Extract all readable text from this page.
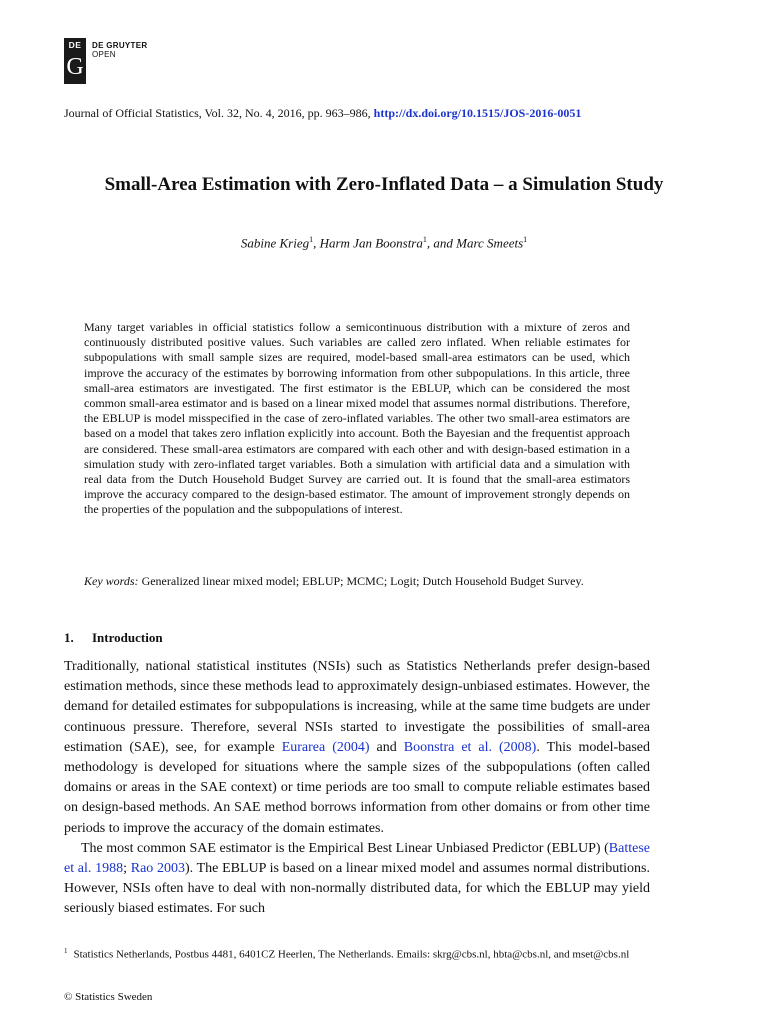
DE
G
DE GRUYTER
OPEN
Journal of Official Statistics, Vol. 32, No. 4, 2016, pp. 963–986, http://dx.doi.org/10.1515/JOS-2016-0051
Small-Area Estimation with Zero-Inflated Data – a Simulation Study
Sabine Krieg$^1$, Harm Jan Boonstra$^1$, and Marc Smeets$^1$
Many target variables in official statistics follow a semicontinuous distribution with a mixture of zeros and continuously distributed positive values. Such variables are called zero inflated. When reliable estimates for subpopulations with small sample sizes are required, model-based small-area estimators can be used, which improve the accuracy of the estimates by borrowing information from other subpopulations. In this article, three small-area estimators are investigated. The first estimator is the EBLUP, which can be considered the most common small-area estimator and is based on a linear mixed model that assumes normal distributions. Therefore, the EBLUP is model misspecified in the case of zero-inflated variables. The other two small-area estimators are based on a model that takes zero inflation explicitly into account. Both the Bayesian and the frequentist approach are considered. These small-area estimators are compared with each other and with design-based estimation in a simulation study with zero-inflated target variables. Both a simulation with artificial data and a simulation with real data from the Dutch Household Budget Survey are carried out. It is found that the small-area estimators improve the accuracy compared to the design-based estimator. The amount of improvement strongly depends on the properties of the population and the subpopulations of interest.
Key words: Generalized linear mixed model; EBLUP; MCMC; Logit; Dutch Household Budget Survey.
1. Introduction

Traditionally, national statistical institutes (NSIs) such as Statistics Netherlands prefer design-based estimation methods, since these methods lead to approximately design-unbiased estimates. However, the demand for detailed estimates for subpopulations is increasing, while at the same time budgets are under continuous pressure. Therefore, several NSIs started to investigate the possibilities of small-area estimation (SAE), see, for example Eurarea (2004) and Boonstra et al. (2008). This model-based methodology is developed for situations where the sample sizes of the subpopulations (often called domains or areas in the SAE context) or time periods are too small to compute reliable estimates based on design-based methods. An SAE method borrows information from other domains or from other time periods to improve the accuracy of the domain estimates.

The most common SAE estimator is the Empirical Best Linear Unbiased Predictor (EBLUP) (Battese et al. 1988; Rao 2003). The EBLUP is based on a linear mixed model and assumes normal distributions. However, NSIs often have to deal with non-normally distributed data, for which the EBLUP may yield seriously biased estimates. For such

$^1$ Statistics Netherlands, Postbus 4481, 6401CZ Heerlen, The Netherlands. Emails: skrg@cbs.nl, hbta@cbs.nl, and mset@cbs.nl
© Statistics Sweden
